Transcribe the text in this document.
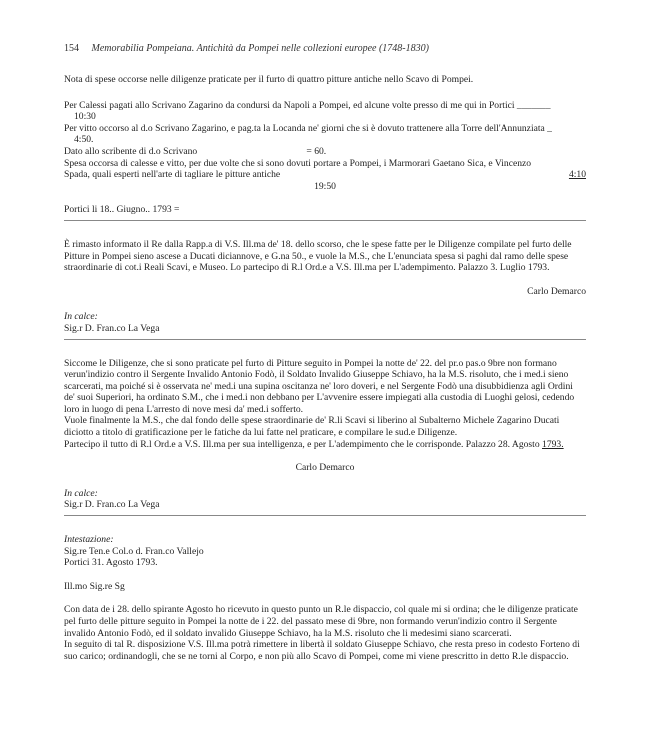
154 Memorabilia Pompeiana. Antichità da Pompei nelle collezioni europee (1748-1830)

Nota di spese occorse nelle diligenze praticate per il furto di quattro pitture antiche nello Scavo di Pompei.

Per Calessi pagati allo Scrivano Zagarino da condursi da Napoli a Pompei, ed alcune volte presso di me qui in Portici _______

10:30

Per vitto occorso al d.o Scrivano Zagarino, e pag.ta la Locanda ne' giorni che si è dovuto trattenere alla Torre dell'Annunziata _

4:50.

Dato allo scribente di d.o Scrivano	= 60.

Spesa occorsa di calesse e vitto, per due volte che si sono dovuti portare a Pompei, i Marmorari Gaetano Sica, e Vincenzo Spada, quali esperti nell'arte di tagliare le pitture antiche	4:10

19:50

Portici li 18.. Giugno.. 1793 =

È rimasto informato il Re dalla Rapp.a di V.S. Ill.ma de' 18. dello scorso, che le spese fatte per le Diligenze compilate pel furto delle Pitture in Pompei sieno ascese a Ducati diciannove, e G.na 50., e vuole la M.S., che L'enunciata spesa si paghi dal ramo delle spese straordinarie di cot.i Reali Scavi, e Museo. Lo partecipo di R.l Ord.e a V.S. Ill.ma per L'adempimento. Palazzo 3. Luglio 1793.

Carlo Demarco

In calce:

Sig.r D. Fran.co La Vega

Siccome le Diligenze, che si sono praticate pel furto di Pitture seguito in Pompei la notte de' 22. del pr.o pas.o 9bre non formano verun'indizio contro il Sergente Invalido Antonio Fodò, il Soldato Invalido Giuseppe Schiavo, ha la M.S. risoluto, che i med.i sieno scarcerati, ma poiché si è osservata ne' med.i una supina oscitanza ne' loro doveri, e nel Sergente Fodò una disubbidienza agli Ordini de' suoi Superiori, ha ordinato S.M., che i med.i non debbano per L'avvenire essere impiegati alla custodia di Luoghi gelosi, cedendo loro in luogo di pena L'arresto di nove mesi da' med.i sofferto.

Vuole finalmente la M.S., che dal fondo delle spese straordinarie de' R.li Scavi si liberino al Subalterno Michele Zagarino Ducati diciotto a titolo di gratificazione per le fatiche da lui fatte nel praticare, e compilare le sud.e Diligenze.

Partecipo il tutto di R.l Ord.e a V.S. Ill.ma per sua intelligenza, e per L'adempimento che le corrisponde. Palazzo 28. Agosto 1793.

Carlo Demarco

In calce:

Sig.r D. Fran.co La Vega

Intestazione:

Sig.re Ten.e Col.o d. Fran.co Vallejo

Portici 31. Agosto 1793.

Ill.mo Sig.re Sg

Con data de i 28. dello spirante Agosto ho ricevuto in questo punto un R.le dispaccio, col quale mi si ordina; che le diligenze praticate pel furto delle pitture seguito in Pompei la notte de i 22. del passato mese di 9bre, non formando verun'indizio contro il Sergente invalido Antonio Fodò, ed il soldato invalido Giuseppe Schiavo, ha la M.S. risoluto che li medesimi siano scarcerati.

In seguito di tal R. disposizione V.S. Ill.ma potrà rimettere in libertà il soldato Giuseppe Schiavo, che resta preso in codesto Forteno di suo carico; ordinandogli, che se ne torni al Corpo, e non più allo Scavo di Pompei, come mi viene prescritto in detto R.le dispaccio.
